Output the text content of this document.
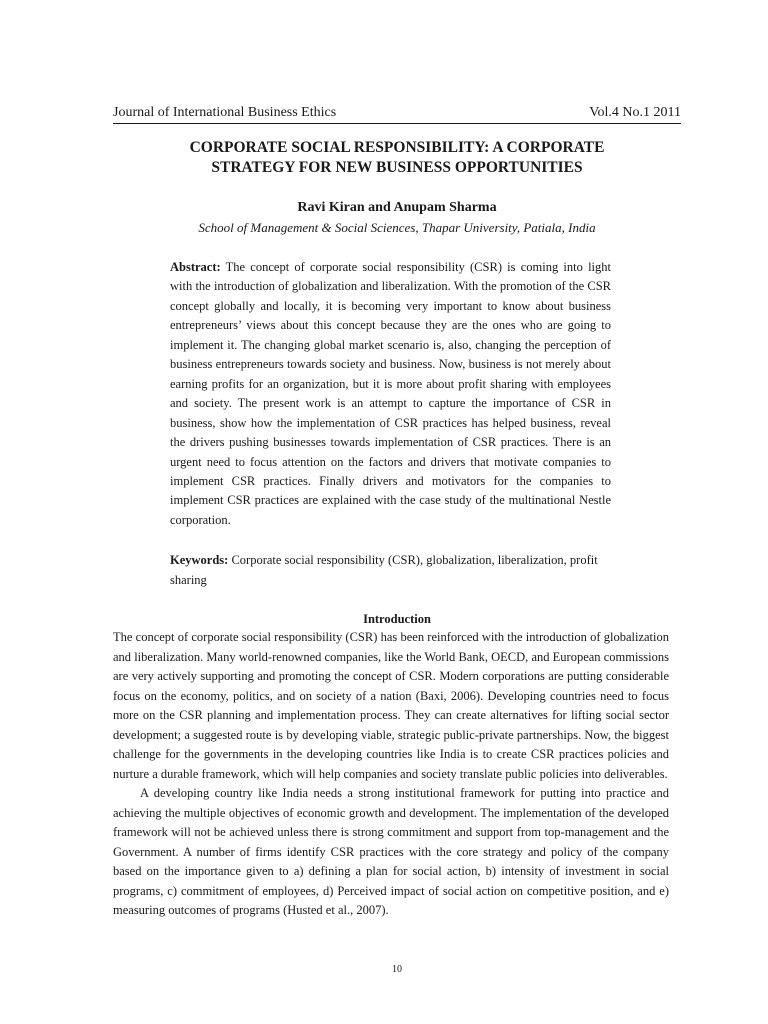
Journal of International Business Ethics	Vol.4 No.1 2011
CORPORATE SOCIAL RESPONSIBILITY: A CORPORATE
STRATEGY FOR NEW BUSINESS OPPORTUNITIES
Ravi Kiran and Anupam Sharma
School of Management & Social Sciences, Thapar University, Patiala, India

Abstract: The concept of corporate social responsibility (CSR) is coming into light with the introduction of globalization and liberalization. With the promotion of the CSR concept globally and locally, it is becoming very important to know about business entrepreneurs’ views about this concept because they are the ones who are going to implement it. The changing global market scenario is, also, changing the perception of business entrepreneurs towards society and business. Now, business is not merely about earning profits for an organization, but it is more about profit sharing with employees and society. The present work is an attempt to capture the importance of CSR in business, show how the implementation of CSR practices has helped business, reveal the drivers pushing businesses towards implementation of CSR practices. There is an urgent need to focus attention on the factors and drivers that motivate companies to implement CSR practices. Finally drivers and motivators for the companies to implement CSR practices are explained with the case study of the multinational Nestle corporation.

Keywords: Corporate social responsibility (CSR), globalization, liberalization, profit sharing

Introduction

The concept of corporate social responsibility (CSR) has been reinforced with the introduction of globalization and liberalization. Many world-renowned companies, like the World Bank, OECD, and European commissions are very actively supporting and promoting the concept of CSR. Modern corporations are putting considerable focus on the economy, politics, and on society of a nation (Baxi, 2006). Developing countries need to focus more on the CSR planning and implementation process. They can create alternatives for lifting social sector development; a suggested route is by developing viable, strategic public-private partnerships. Now, the biggest challenge for the governments in the developing countries like India is to create CSR practices policies and nurture a durable framework, which will help companies and society translate public policies into deliverables.

A developing country like India needs a strong institutional framework for putting into practice and achieving the multiple objectives of economic growth and development. The implementation of the developed framework will not be achieved unless there is strong commitment and support from top-management and the Government. A number of firms identify CSR practices with the core strategy and policy of the company based on the importance given to a) defining a plan for social action, b) intensity of investment in social programs, c) commitment of employees, d) Perceived impact of social action on competitive position, and e) measuring outcomes of programs (Husted et al., 2007).

10
